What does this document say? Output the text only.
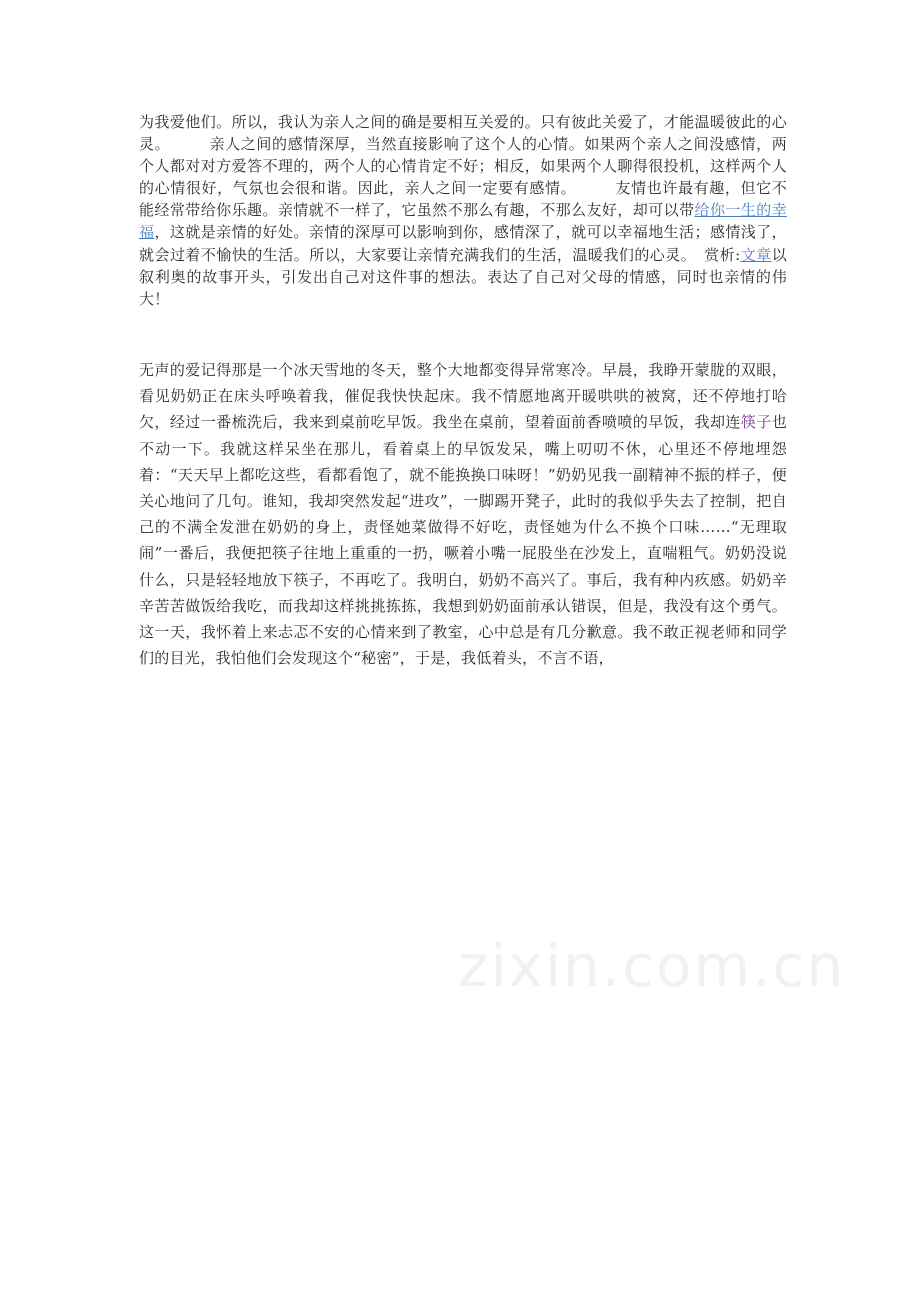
为我爱他们。所以，我认为亲人之间的确是要相互关爱的。只有彼此关爱了，才能温暖彼此的心灵。　　　亲人之间的感情深厚，当然直接影响了这个人的心情。如果两个亲人之间没感情，两个人都对对方爱答不理的，两个人的心情肯定不好；相反，如果两个人聊得很投机，这样两个人的心情很好，气氛也会很和谐。因此，亲人之间一定要有感情。　　　友情也许最有趣，但它不能经常带给你乐趣。亲情就不一样了，它虽然不那么有趣，不那么友好，却可以带给你一生的幸福，这就是亲情的好处。亲情的深厚可以影响到你，感情深了，就可以幸福地生活；感情浅了，就会过着不愉快的生活。所以，大家要让亲情充满我们的生活，温暖我们的心灵。　赏析:文章以叙利奥的故事开头，引发出自己对这件事的想法。表达了自己对父母的情感，同时也亲情的伟大！

无声的爱记得那是一个冰天雪地的冬天，整个大地都变得异常寒冷。早晨，我睁开蒙胧的双眼，看见奶奶正在床头呼唤着我，催促我快快起床。我不情愿地离开暖哄哄的被窝，还不停地打哈欠，经过一番梳洗后，我来到桌前吃早饭。我坐在桌前，望着面前香喷喷的早饭，我却连筷子也不动一下。我就这样呆坐在那儿，看着桌上的早饭发呆，嘴上叨叨不休，心里还不停地埋怨着：“天天早上都吃这些，看都看饱了，就不能换换口味呀！”奶奶见我一副精神不振的样子，便关心地问了几句。谁知，我却突然发起“进攻”，一脚踢开凳子，此时的我似乎失去了控制，把自己的不满全发泄在奶奶的身上，责怪她菜做得不好吃，责怪她为什么不换个口味……“无理取闹”一番后，我便把筷子往地上重重的一扔，噘着小嘴一屁股坐在沙发上，直喘粗气。奶奶没说什么，只是轻轻地放下筷子，不再吃了。我明白，奶奶不高兴了。事后，我有种内疚感。奶奶辛辛苦苦做饭给我吃，而我却这样挑挑拣拣，我想到奶奶面前承认错误，但是，我没有这个勇气。这一天，我怀着上来忐忑不安的心情来到了教室，心中总是有几分歉意。我不敢正视老师和同学们的目光，我怕他们会发现这个“秘密”，于是，我低着头，不言不语，

zixin.com.cn
